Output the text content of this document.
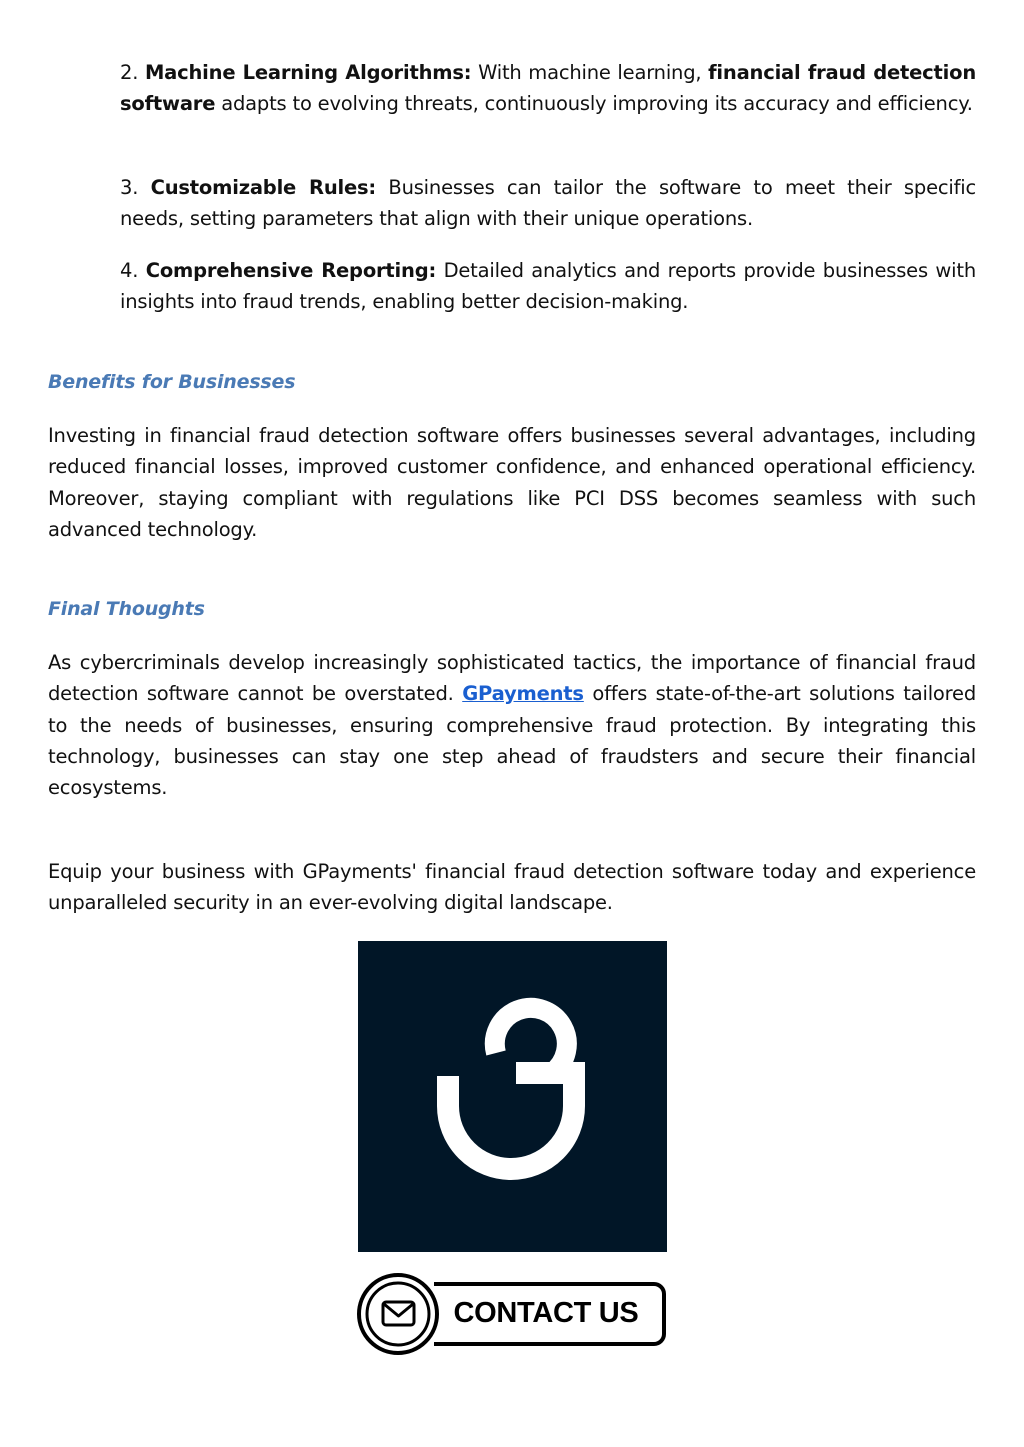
2. Machine Learning Algorithms: With machine learning, financial fraud detection software adapts to evolving threats, continuously improving its accuracy and efficiency.

3. Customizable Rules: Businesses can tailor the software to meet their specific needs, setting parameters that align with their unique operations.

4. Comprehensive Reporting: Detailed analytics and reports provide businesses with insights into fraud trends, enabling better decision-making.

Benefits for Businesses

Investing in financial fraud detection software offers businesses several advantages, including reduced financial losses, improved customer confidence, and enhanced operational efficiency. Moreover, staying compliant with regulations like PCI DSS becomes seamless with such advanced technology.

Final Thoughts

As cybercriminals develop increasingly sophisticated tactics, the importance of financial fraud detection software cannot be overstated. GPayments offers state-of-the-art solutions tailored to the needs of businesses, ensuring comprehensive fraud protection. By integrating this technology, businesses can stay one step ahead of fraudsters and secure their financial ecosystems.

Equip your business with GPayments' financial fraud detection software today and experience unparalleled security in an ever-evolving digital landscape.

CONTACT US
